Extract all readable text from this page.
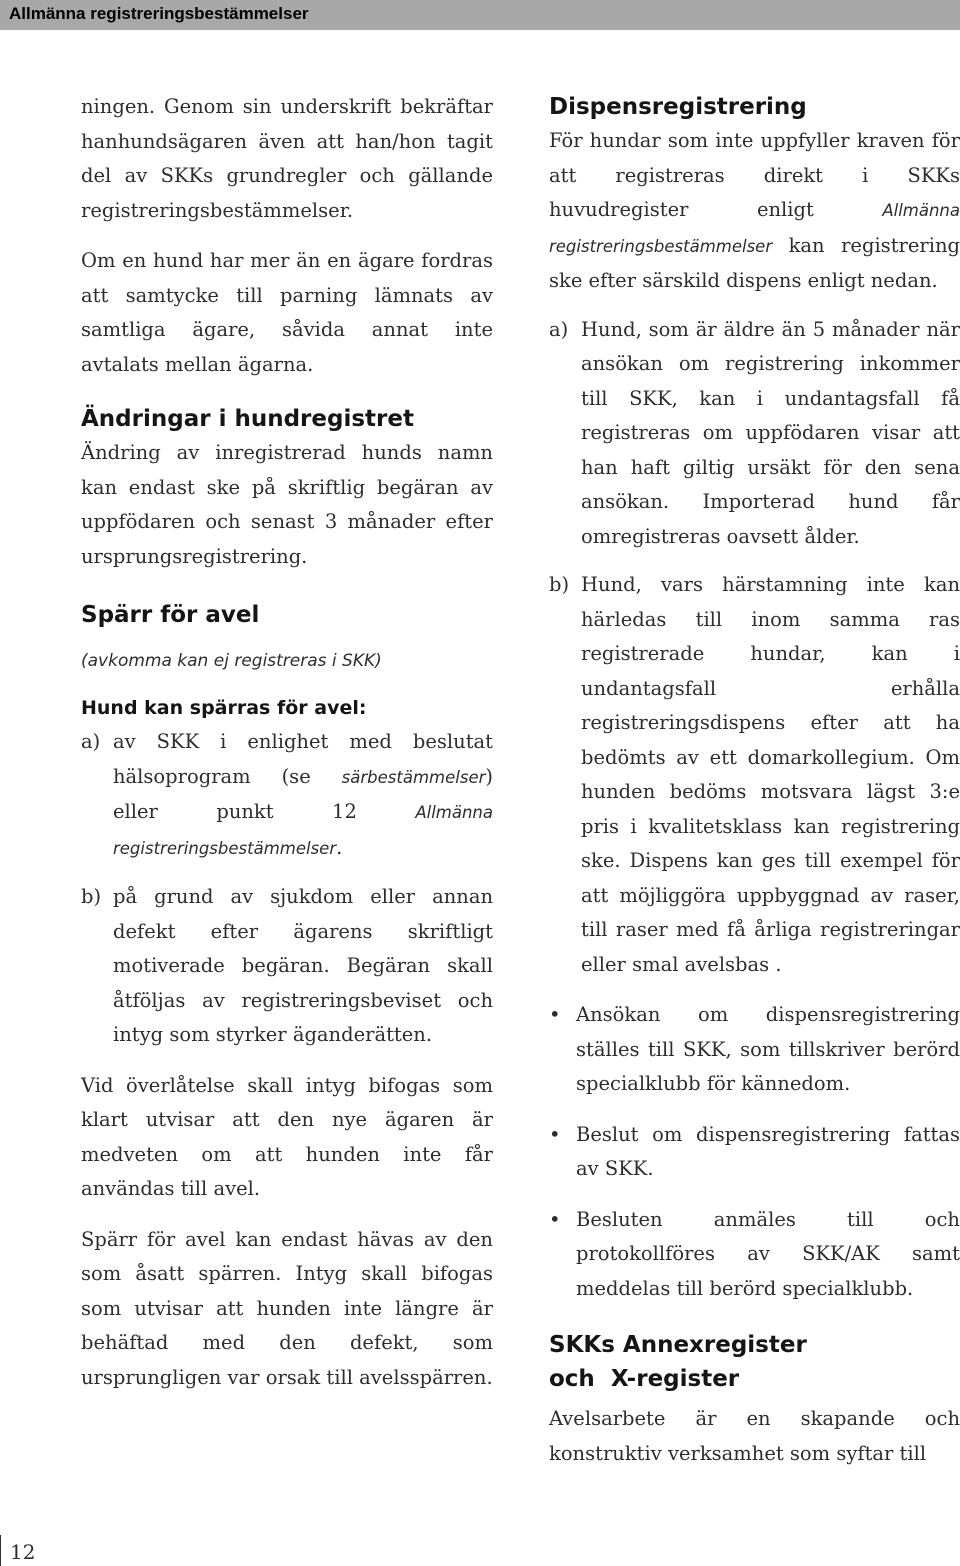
Allmänna registreringsbestämmelser

ningen. Genom sin underskrift bekräftar hanhundsägaren även att han/hon tagit del av SKKs grundregler och gällande registreringsbestämmelser.

Om en hund har mer än en ägare fordras att samtycke till parning lämnats av samtliga ägare, såvida annat inte avtalats mellan ägarna.

Ändringar i hundregistret

Ändring av inregistrerad hunds namn kan endast ske på skriftlig begäran av uppfödaren och senast 3 månader efter ursprungsregistrering.

Spärr för avel
(avkomma kan ej registreras i SKK)
Hund kan spärras för avel:
a) av SKK i enlighet med beslutat hälsoprogram (se särbestämmelser) eller punkt 12 Allmänna registreringsbestämmelser.
b) på grund av sjukdom eller annan defekt efter ägarens skriftligt motiverade begäran. Begäran skall åtföljas av registreringsbeviset och intyg som styrker äganderätten.

Vid överlåtelse skall intyg bifogas som klart utvisar att den nye ägaren är medveten om att hunden inte får användas till avel.

Spärr för avel kan endast hävas av den som åsatt spärren. Intyg skall bifogas som utvisar att hunden inte längre är behäftad med den defekt, som ursprungligen var orsak till avelsspärren.

Dispensregistrering

För hundar som inte uppfyller kraven för att registreras direkt i SKKs huvudregister enligt Allmänna registreringsbestämmelser kan registrering ske efter särskild dispens enligt nedan.

a) Hund, som är äldre än 5 månader när ansökan om registrering inkommer till SKK, kan i undantagsfall få registreras om uppfödaren visar att han haft giltig ursäkt för den sena ansökan. Importerad hund får omregistreras oavsett ålder.
b) Hund, vars härstamning inte kan härledas till inom samma ras registrerade hundar, kan i undantagsfall erhålla registreringsdispens efter att ha bedömts av ett domarkollegium. Om hunden bedöms motsvara lägst 3:e pris i kvalitetsklass kan registrering ske. Dispens kan ges till exempel för att möjliggöra uppbyggnad av raser, till raser med få årliga registreringar eller smal avelsbas .
• Ansökan om dispensregistrering ställes till SKK, som tillskriver berörd specialklubb för kännedom.
• Beslut om dispensregistrering fattas av SKK.
• Besluten anmäles till och protokollföres av SKK/AK samt meddelas till berörd specialklubb.
SKKs Annexregister
och  X-register

Avelsarbete är en skapande och konstruktiv verksamhet som syftar till

12
